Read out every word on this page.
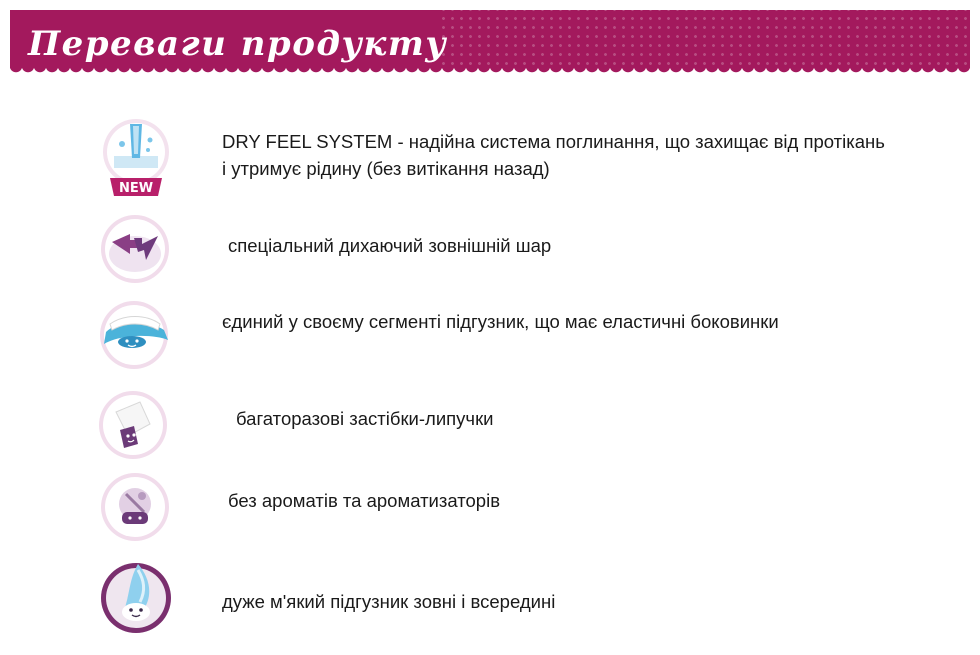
Переваги продукту
NEW
DRY FEEL SYSTEM - надійна система поглинання, що захищає від протікань
і утримує рідину (без витікання назад)
спеціальний дихаючий зовнішній шар
єдиний у своєму сегменті підгузник, що має еластичні боковинки
багаторазові застібки-липучки
без ароматів та ароматизаторів
дуже м'який підгузник зовні і всередині
